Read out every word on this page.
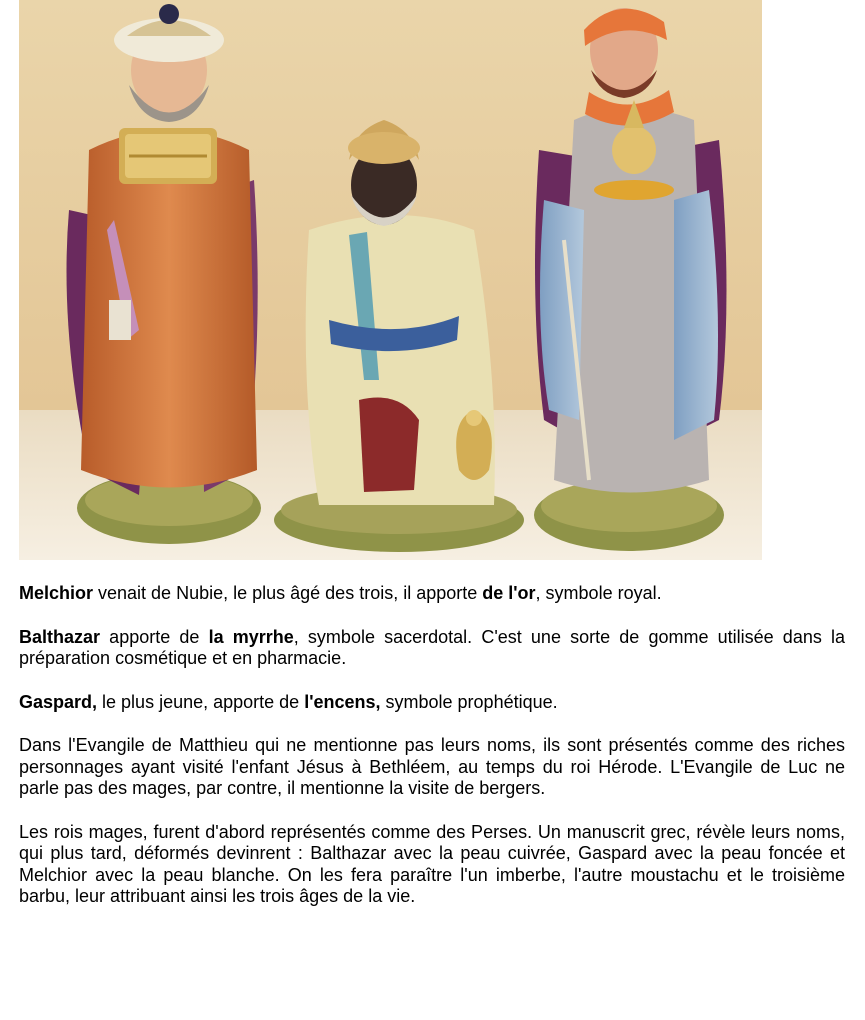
Melchior venait de Nubie, le plus âgé des trois, il apporte de l'or, symbole royal.

Balthazar apporte de la myrrhe, symbole sacerdotal. C'est une sorte de gomme utilisée dans la préparation cosmétique et en pharmacie.

Gaspard, le plus jeune, apporte de l'encens, symbole prophétique.

Dans l'Evangile de Matthieu qui ne mentionne pas leurs noms, ils sont présentés comme des riches personnages ayant visité l'enfant Jésus à Bethléem, au temps du roi Hérode. L'Evangile de Luc ne parle pas des mages, par contre, il mentionne la visite de bergers.

Les rois mages, furent d'abord représentés comme des Perses. Un manuscrit grec, révèle leurs noms, qui plus tard, déformés devinrent : Balthazar avec la peau cuivrée, Gaspard avec la peau foncée et Melchior avec la peau blanche. On les fera paraître l'un imberbe, l'autre moustachu et le troisième barbu, leur attribuant ainsi les trois âges de la vie.
